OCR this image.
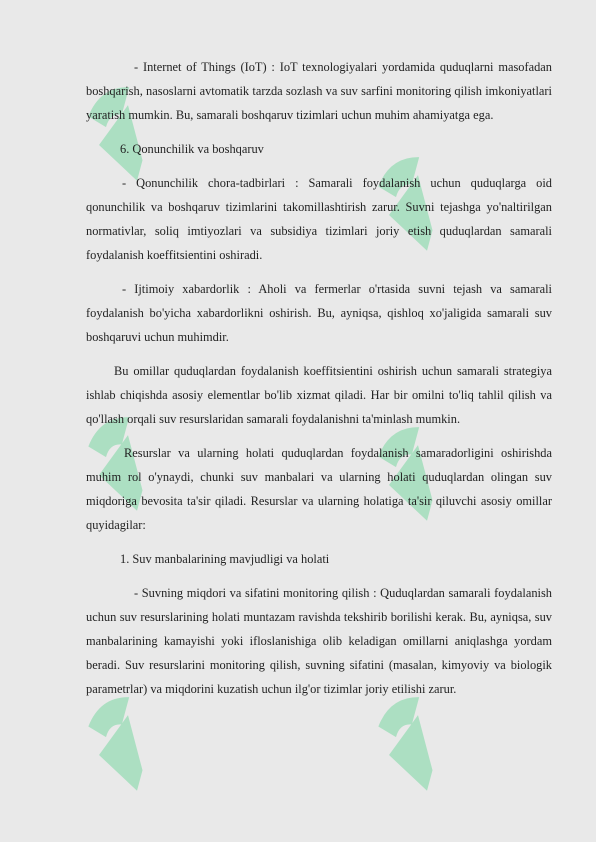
- Internet of Things (IoT) : IoT texnologiyalari yordamida quduqlarni masofadan boshqarish, nasoslarni avtomatik tarzda sozlash va suv sarfini monitoring qilish imkoniyatlari yaratish mumkin. Bu, samarali boshqaruv tizimlari uchun muhim ahamiyatga ega.

6. Qonunchilik va boshqaruv

- Qonunchilik chora-tadbirlari : Samarali foydalanish uchun quduqlarga oid qonunchilik va boshqaruv tizimlarini takomillashtirish zarur. Suvni tejashga yo'naltirilgan normativlar, soliq imtiyozlari va subsidiya tizimlari joriy etish quduqlardan samarali foydalanish koeffitsientini oshiradi.

- Ijtimoiy xabardorlik : Aholi va fermerlar o'rtasida suvni tejash va samarali foydalanish bo'yicha xabardorlikni oshirish. Bu, ayniqsa, qishloq xo'jaligida samarali suv boshqaruvi uchun muhimdir.

Bu omillar quduqlardan foydalanish koeffitsientini oshirish uchun samarali strategiya ishlab chiqishda asosiy elementlar bo'lib xizmat qiladi. Har bir omilni to'liq tahlil qilish va qo'llash orqali suv resurslaridan samarali foydalanishni ta'minlash mumkin.

Resurslar va ularning holati quduqlardan foydalanish samaradorligini oshirishda muhim rol o'ynaydi, chunki suv manbalari va ularning holati quduqlardan olingan suv miqdoriga bevosita ta'sir qiladi. Resurslar va ularning holatiga ta'sir qiluvchi asosiy omillar quyidagilar:

1. Suv manbalarining mavjudligi va holati

- Suvning miqdori va sifatini monitoring qilish : Quduqlardan samarali foydalanish uchun suv resurslarining holati muntazam ravishda tekshirib borilishi kerak. Bu, ayniqsa, suv manbalarining kamayishi yoki ifloslanishiga olib keladigan omillarni aniqlashga yordam beradi. Suv resurslarini monitoring qilish, suvning sifatini (masalan, kimyoviy va biologik parametrlar) va miqdorini kuzatish uchun ilg'or tizimlar joriy etilishi zarur.
